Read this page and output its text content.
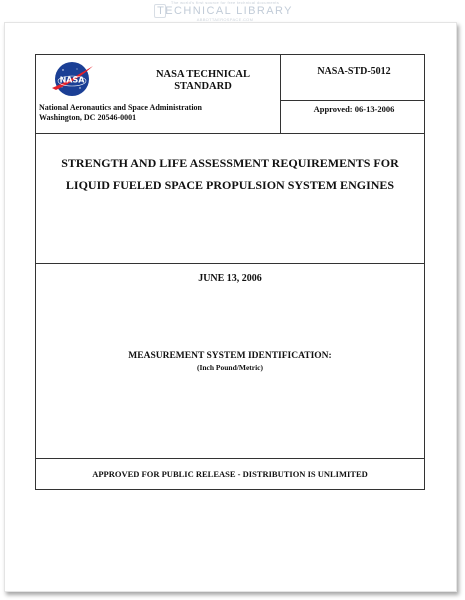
The world's first source for free technical documents
TECHNICAL LIBRARY
ABBOTTAEROSPACE.COM
NASA	NASA TECHNICAL
STANDARD
National Aeronautics and Space Administration
Washington, DC 20546-0001
NASA-STD-5012
Approved: 06-13-2006
STRENGTH AND LIFE ASSESSMENT REQUIREMENTS FOR
LIQUID FUELED SPACE PROPULSION SYSTEM ENGINES
JUNE 13, 2006
MEASUREMENT SYSTEM IDENTIFICATION:
(Inch Pound/Metric)
APPROVED FOR PUBLIC RELEASE - DISTRIBUTION IS UNLIMITED
